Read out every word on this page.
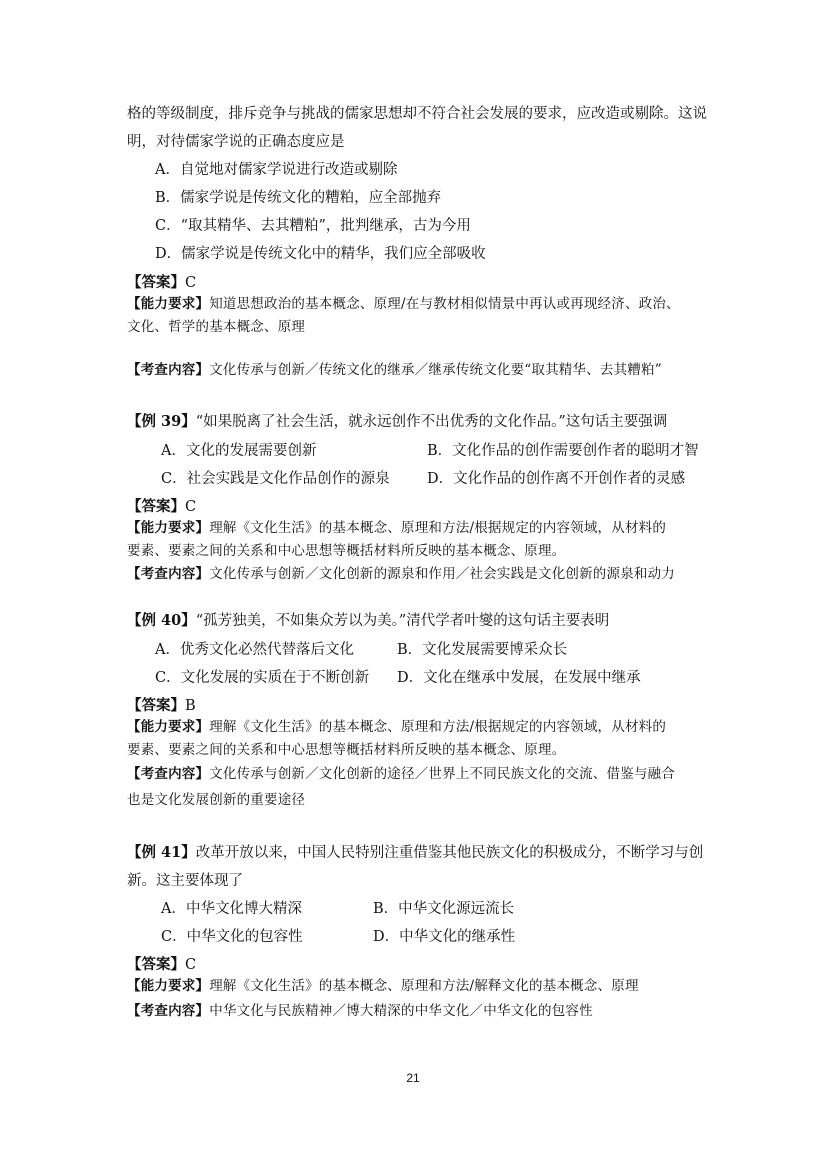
格的等级制度，排斥竞争与挑战的儒家思想却不符合社会发展的要求，应改造或剔除。这说
明，对待儒家学说的正确态度应是
A．自觉地对儒家学说进行改造或剔除
B．儒家学说是传统文化的糟粕，应全部抛弃
C．“取其精华、去其糟粕”，批判继承，古为今用
D．儒家学说是传统文化中的精华，我们应全部吸收
【答案】C
【能力要求】知道思想政治的基本概念、原理/在与教材相似情景中再认或再现经济、政治、
文化、哲学的基本概念、原理
【考查内容】文化传承与创新／传统文化的继承／继承传统文化要“取其精华、去其糟粕”
【例 39】“如果脱离了社会生活，就永远创作不出优秀的文化作品。”这句话主要强调
A．文化的发展需要创新	B．文化作品的创作需要创作者的聪明才智
C．社会实践是文化作品创作的源泉	D．文化作品的创作离不开创作者的灵感
【答案】C
【能力要求】理解《文化生活》的基本概念、原理和方法/根据规定的内容领域，从材料的
要素、要素之间的关系和中心思想等概括材料所反映的基本概念、原理。
【考查内容】文化传承与创新／文化创新的源泉和作用／社会实践是文化创新的源泉和动力
【例 40】“孤芳独美，不如集众芳以为美。”清代学者叶燮的这句话主要表明
A．优秀文化必然代替落后文化	B．文化发展需要博采众长
C．文化发展的实质在于不断创新 D．文化在继承中发展，在发展中继承
【答案】B
【能力要求】理解《文化生活》的基本概念、原理和方法/根据规定的内容领域，从材料的
要素、要素之间的关系和中心思想等概括材料所反映的基本概念、原理。
【考查内容】文化传承与创新／文化创新的途径／世界上不同民族文化的交流、借鉴与融合
也是文化发展创新的重要途径
【例 41】改革开放以来，中国人民特别注重借鉴其他民族文化的积极成分，不断学习与创
新。这主要体现了
A．中华文化博大精深	B．中华文化源远流长
C．中华文化的包容性	D．中华文化的继承性
【答案】C
【能力要求】理解《文化生活》的基本概念、原理和方法/解释文化的基本概念、原理
【考查内容】中华文化与民族精神／博大精深的中华文化／中华文化的包容性
21
